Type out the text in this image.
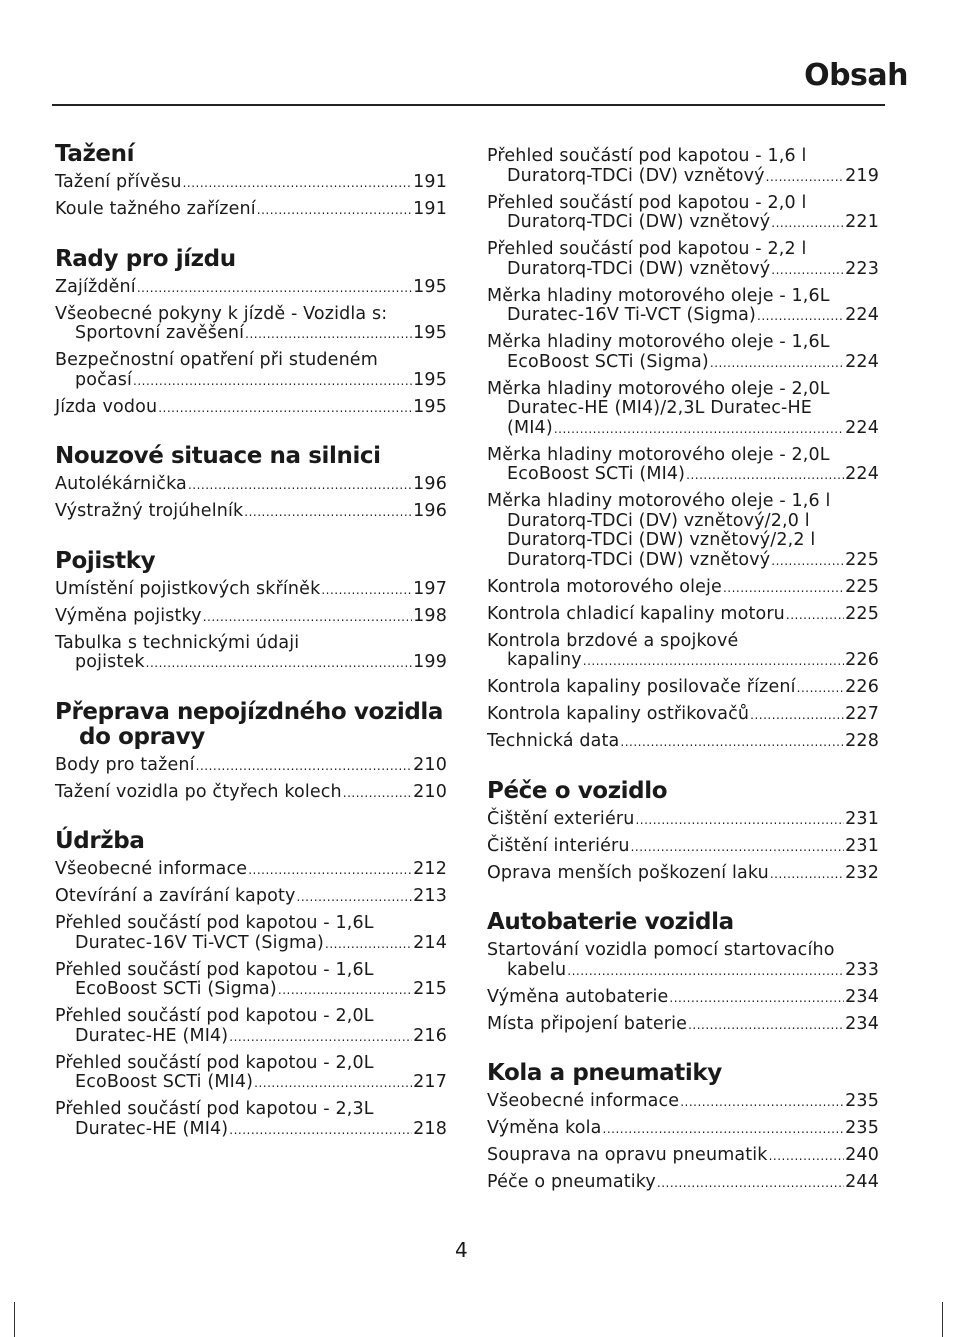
Obsah
Tažení
Tažení přívěsu .....	191
Koule tažného zařízení .....	191
Rady pro jízdu
Zajíždění .....	195
Všeobecné pokyny k jízdě - Vozidla s:
Sportovní zavěšení .....	195
Bezpečnostní opatření při studeném
počasí .....	195
Jízda vodou .....	195
Nouzové situace na silnici
Autolékárnička .....	196
Výstražný trojúhelník .....	196
Pojistky
Umístění pojistkových skříněk .....	197
Výměna pojistky .....	198
Tabulka s technickými údaji
pojistek .....	199
Přeprava nepojízdného vozidla
do opravy
Body pro tažení .....	210
Tažení vozidla po čtyřech kolech .....	210
Údržba
Všeobecné informace .....	212
Otevírání a zavírání kapoty .....	213
Přehled součástí pod kapotou - 1,6L
Duratec-16V Ti-VCT (Sigma) .....	214
Přehled součástí pod kapotou - 1,6L
EcoBoost SCTi (Sigma) .....	215
Přehled součástí pod kapotou - 2,0L
Duratec-HE (MI4) .....	216
Přehled součástí pod kapotou - 2,0L
EcoBoost SCTi (MI4) .....	217
Přehled součástí pod kapotou - 2,3L
Duratec-HE (MI4) .....	218
Přehled součástí pod kapotou - 1,6 l
Duratorq-TDCi (DV) vznětový .....	219
Přehled součástí pod kapotou - 2,0 l
Duratorq-TDCi (DW) vznětový .....	221
Přehled součástí pod kapotou - 2,2 l
Duratorq-TDCi (DW) vznětový .....	223
Měrka hladiny motorového oleje - 1,6L
Duratec-16V Ti-VCT (Sigma) .....	224
Měrka hladiny motorového oleje - 1,6L
EcoBoost SCTi (Sigma) .....	224
Měrka hladiny motorového oleje - 2,0L
Duratec-HE (MI4)/2,3L Duratec-HE
(MI4) .....	224
Měrka hladiny motorového oleje - 2,0L
EcoBoost SCTi (MI4) .....	224
Měrka hladiny motorového oleje - 1,6 l
Duratorq-TDCi (DV) vznětový/2,0 l
Duratorq-TDCi (DW) vznětový/2,2 l
Duratorq-TDCi (DW) vznětový .....	225
Kontrola motorového oleje .....	225
Kontrola chladicí kapaliny motoru .....	225
Kontrola brzdové a spojkové
kapaliny .....	226
Kontrola kapaliny posilovače řízení .....	226
Kontrola kapaliny ostřikovačů .....	227
Technická data .....	228
Péče o vozidlo
Čištění exteriéru .....	231
Čištění interiéru .....	231
Oprava menších poškození laku .....	232
Autobaterie vozidla
Startování vozidla pomocí startovacího
kabelu .....	233
Výměna autobaterie .....	234
Místa připojení baterie .....	234
Kola a pneumatiky
Všeobecné informace .....	235
Výměna kola .....	235
Souprava na opravu pneumatik .....	240
Péče o pneumatiky .....	244
4
